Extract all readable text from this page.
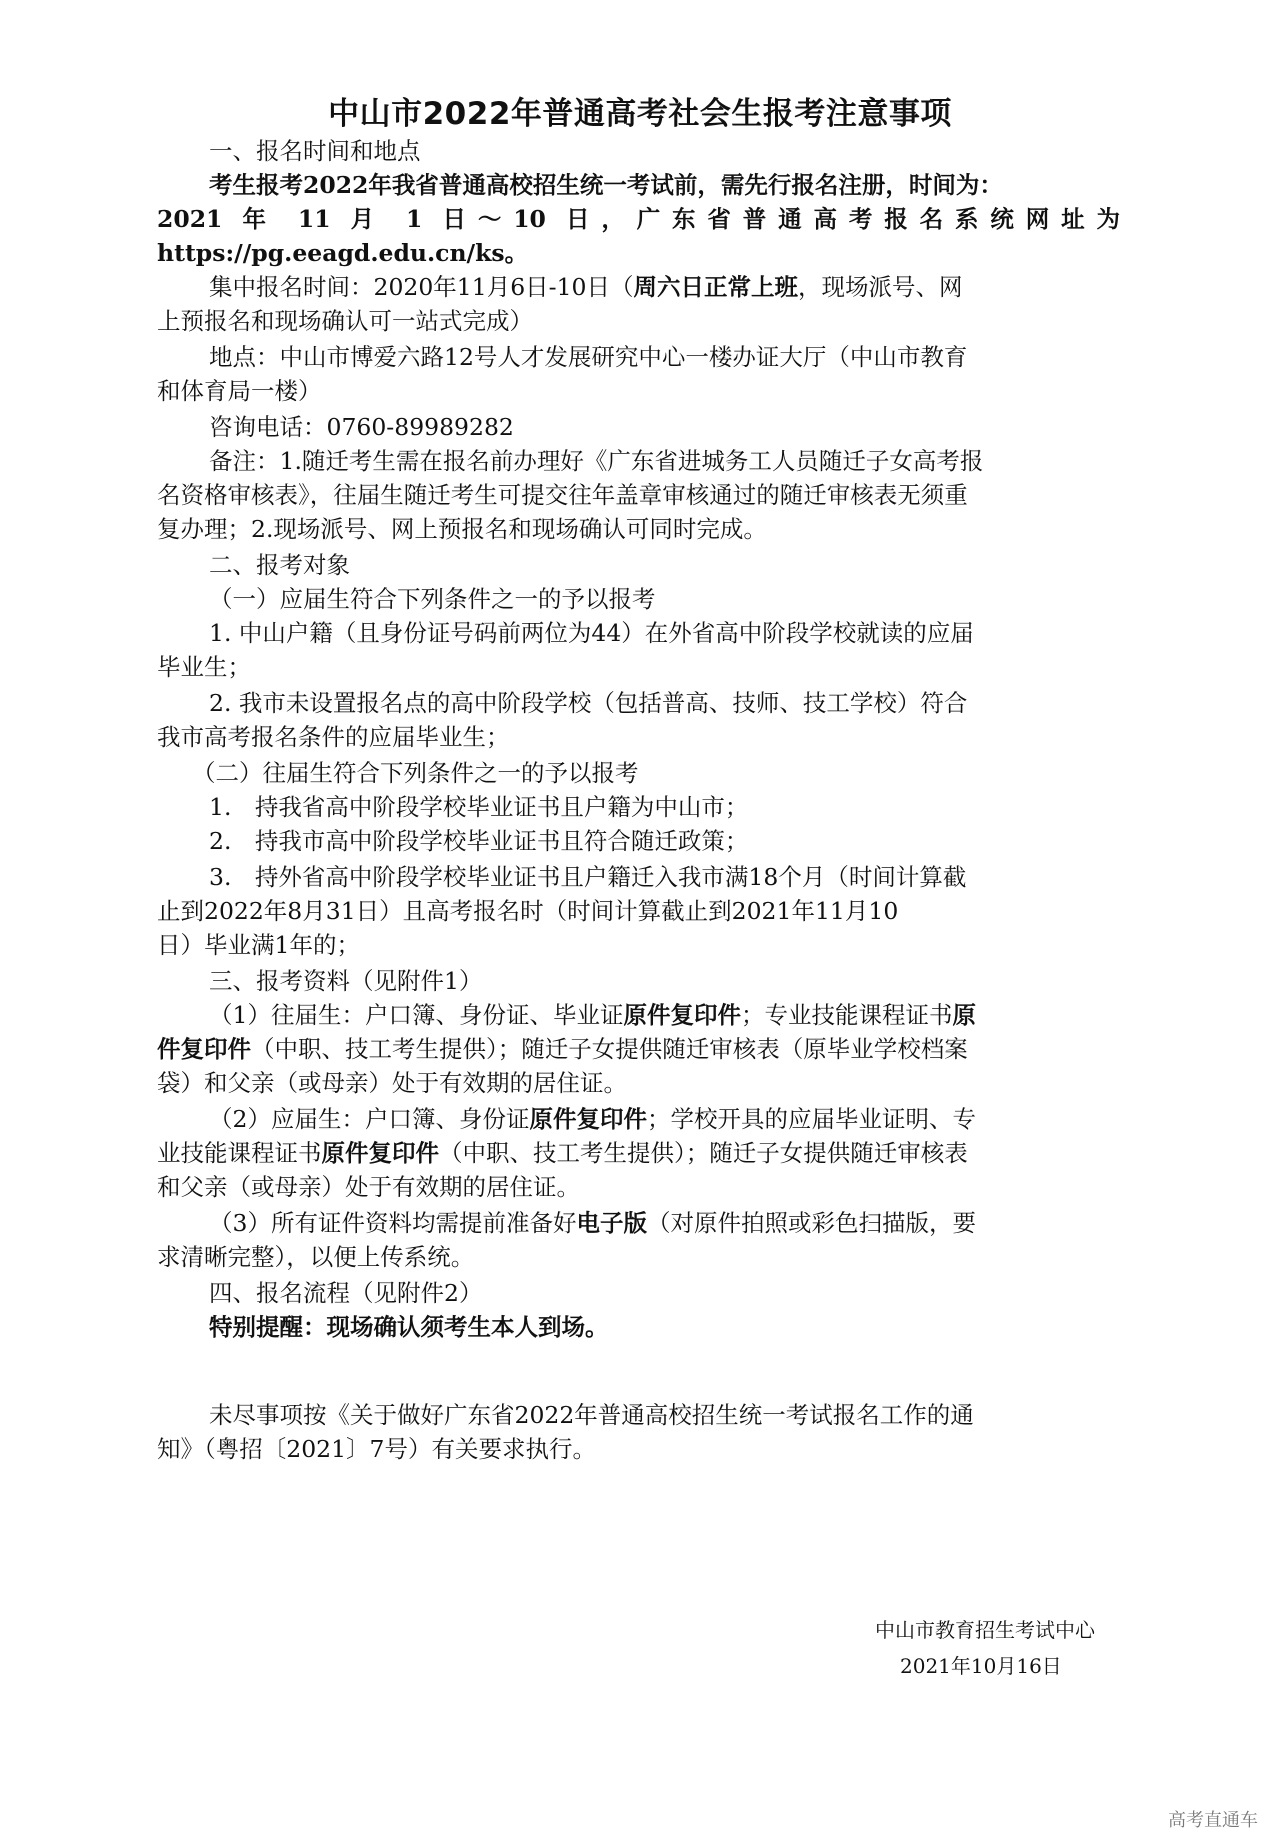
中山市2022年普通高考社会生报考注意事项
一、报名时间和地点
考生报考2022年我省普通高校招生统一考试前，需先行报名注册，时间为：
2021 年 11 月 1 日～10 日，广东省普通高考报名系统网址为
https://pg.eeagd.edu.cn/ks。
集中报名时间：2020年11月6日-10日（周六日正常上班，现场派号、网
上预报名和现场确认可一站式完成）
地点：中山市博爱六路12号人才发展研究中心一楼办证大厅（中山市教育
和体育局一楼）
咨询电话：0760-89989282
备注：1.随迁考生需在报名前办理好《广东省进城务工人员随迁子女高考报
名资格审核表》，往届生随迁考生可提交往年盖章审核通过的随迁审核表无须重
复办理；2.现场派号、网上预报名和现场确认可同时完成。
二、报考对象
（一）应届生符合下列条件之一的予以报考
1. 中山户籍（且身份证号码前两位为44）在外省高中阶段学校就读的应届
毕业生；
2. 我市未设置报名点的高中阶段学校（包括普高、技师、技工学校）符合
我市高考报名条件的应届毕业生；
（二）往届生符合下列条件之一的予以报考
1.　持我省高中阶段学校毕业证书且户籍为中山市；
2.　持我市高中阶段学校毕业证书且符合随迁政策；
3.　持外省高中阶段学校毕业证书且户籍迁入我市满18个月（时间计算截
止到2022年8月31日）且高考报名时（时间计算截止到2021年11月10
日）毕业满1年的；
三、报考资料（见附件1）
（1）往届生：户口簿、身份证、毕业证原件复印件；专业技能课程证书原
件复印件（中职、技工考生提供）；随迁子女提供随迁审核表（原毕业学校档案
袋）和父亲（或母亲）处于有效期的居住证。
（2）应届生：户口簿、身份证原件复印件；学校开具的应届毕业证明、专
业技能课程证书原件复印件（中职、技工考生提供）；随迁子女提供随迁审核表
和父亲（或母亲）处于有效期的居住证。
（3）所有证件资料均需提前准备好电子版（对原件拍照或彩色扫描版，要
求清晰完整），以便上传系统。
四、报名流程（见附件2）
特别提醒：现场确认须考生本人到场。
未尽事项按《关于做好广东省2022年普通高校招生统一考试报名工作的通
知》（粤招〔2021〕7号）有关要求执行。
中山市教育招生考试中心
2021年10月16日
高考直通车
